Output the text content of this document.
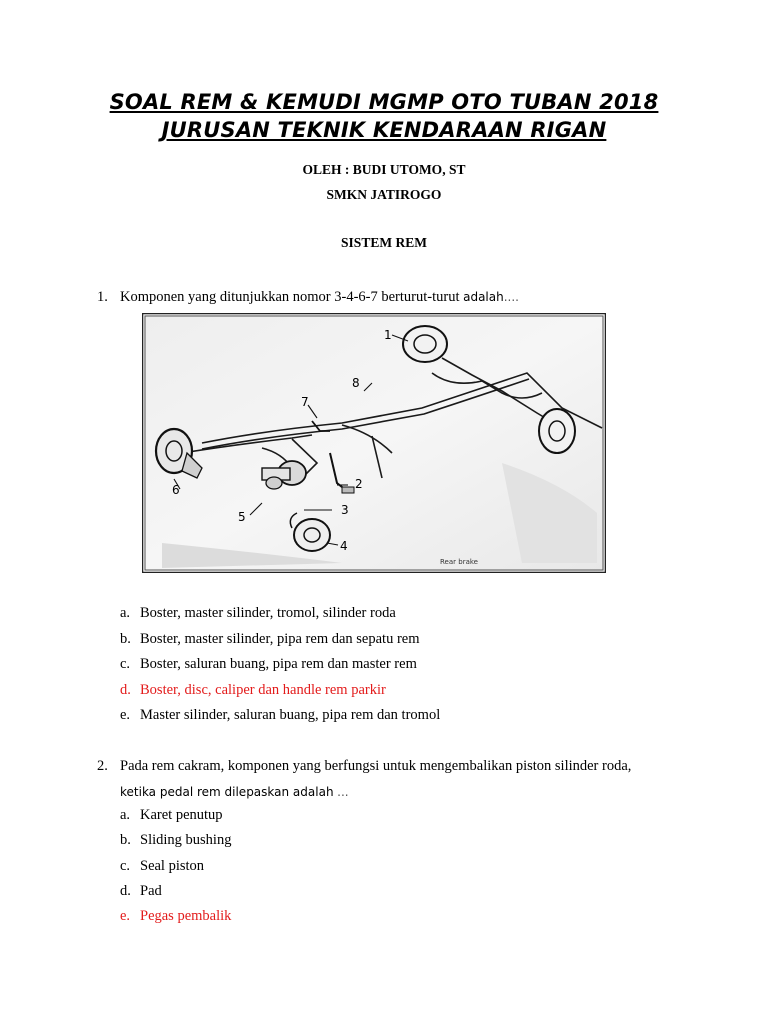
SOAL REM & KEMUDI MGMP OTO TUBAN 2018
JURUSAN TEKNIK KENDARAAN RIGAN
OLEH : BUDI UTOMO, ST
SMKN JATIROGO
SISTEM REM
1. Komponen yang ditunjukkan nomor 3-4-6-7 berturut-turut adalah....
1
2
3
4
5
6
7
8
Rear brake
a. Boster, master silinder, tromol, silinder roda
b. Boster, master silinder, pipa rem dan sepatu rem
c. Boster, saluran buang, pipa rem dan master rem
d. Boster, disc, caliper dan handle rem parkir
e. Master silinder, saluran buang, pipa rem dan tromol
2. Pada rem cakram, komponen yang berfungsi untuk mengembalikan piston silinder roda,
ketika pedal rem dilepaskan adalah ...
a. Karet penutup
b. Sliding bushing
c. Seal piston
d. Pad
e. Pegas pembalik
